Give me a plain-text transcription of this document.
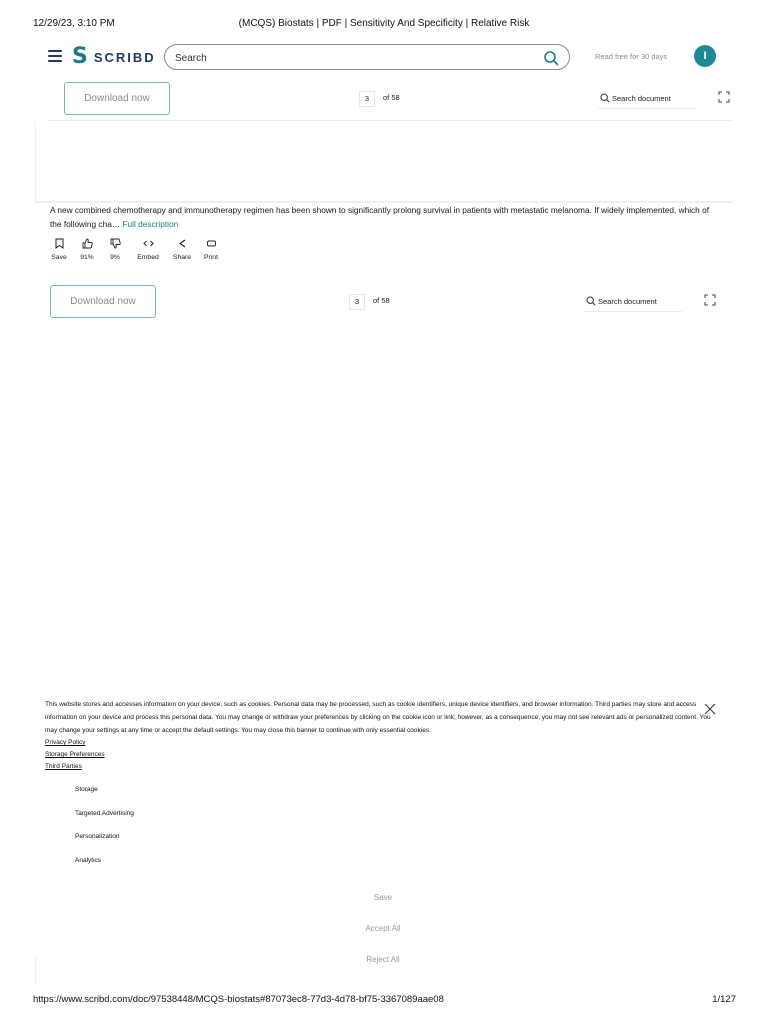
12/29/23, 3:10 PM	(MCQS) Biostats | PDF | Sensitivity And Specificity | Relative Risk
S SCRIBD
Search	Read free for 30 days	I
Download now	3	of 58	Search document
A new combined chemotherapy and immunotherapy regimen has been shown to significantly prolong survival in patients with metastatic melanoma. If widely implemented, which of the following cha… Full description
Save	91%	9%	Embed	Share	Print
Download now	3	of 58	Search document

This website stores and accesses information on your device, such as cookies. Personal data may be processed, such as cookie identifiers, unique device identifiers, and browser information. Third parties may store and access information on your device and process this personal data. You may change or withdraw your preferences by clicking on the cookie icon or link; however, as a consequence, you may not see relevant ads or personalized content. You may change your settings at any time or accept the default settings. You may close this banner to continue with only essential cookies.

Privacy Policy
Storage Preferences
Third Parties
Storage
Targeted Advertising
Personalization
Analytics
Save
Accept All
Reject All
https://www.scribd.com/doc/97538448/MCQS-biostats#87073ec8-77d3-4d78-bf75-3367089aae08	1/127
